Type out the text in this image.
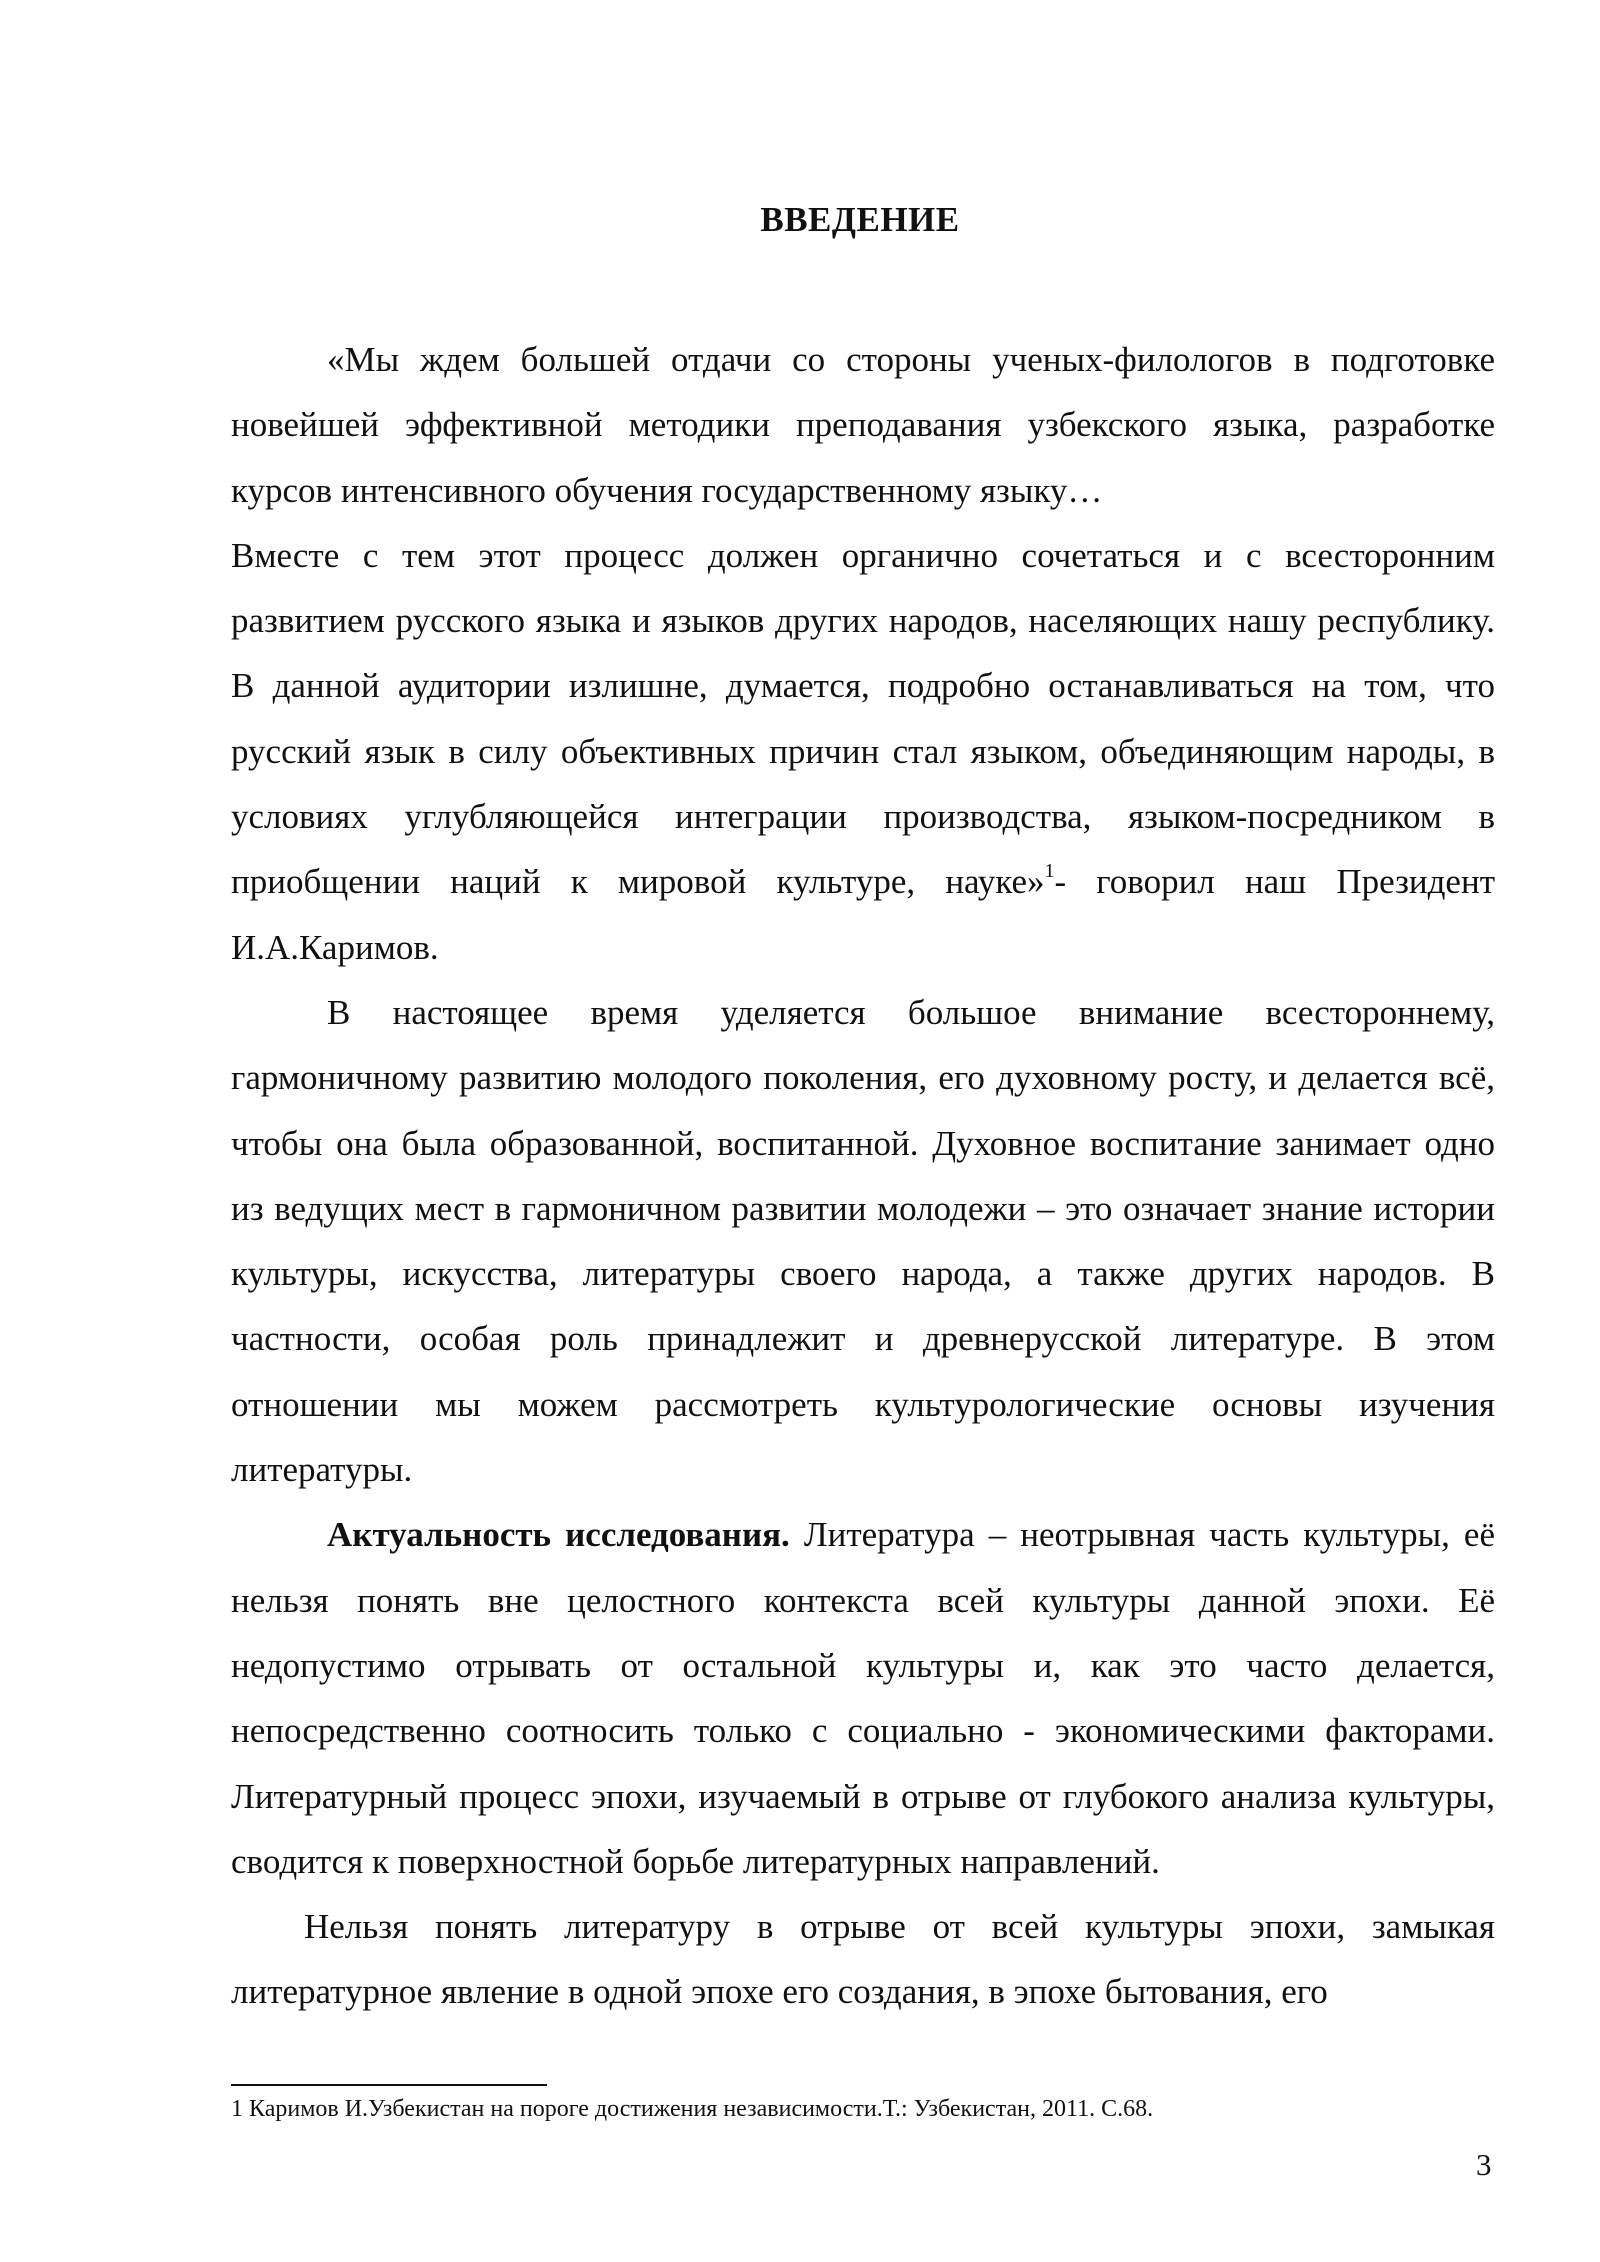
ВВЕДЕНИЕ

«Мы ждем большей отдачи со стороны ученых-филологов в подготовке новейшей эффективной методики преподавания узбекского языка, разработке курсов интенсивного обучения государственному языку…

Вместе с тем этот процесс должен органично сочетаться и с всесторонним развитием русского языка и языков других народов, населяющих нашу республику. В данной аудитории излишне, думается, подробно останавливаться на том, что русский язык в силу объективных причин стал языком, объединяющим народы, в условиях углубляющейся интеграции производства, языком-посредником в приобщении наций к мировой культуре, науке»$^1$- говорил наш Президент И.А.Каримов.

В настоящее время уделяется большое внимание всестороннему, гармоничному развитию молодого поколения, его духовному росту, и делается всё, чтобы она была образованной, воспитанной. Духовное воспитание занимает одно из ведущих мест в гармоничном развитии молодежи – это означает знание истории культуры, искусства, литературы своего народа, а также других народов. В частности, особая роль принадлежит и древнерусской литературе. В этом отношении мы можем рассмотреть культурологические основы изучения литературы.

Актуальность исследования. Литература – неотрывная часть культуры, её нельзя понять вне целостного контекста всей культуры данной эпохи. Её недопустимо отрывать от остальной культуры и, как это часто делается, непосредственно соотносить только с социально - экономическими факторами. Литературный процесс эпохи, изучаемый в отрыве от глубокого анализа культуры, сводится к поверхностной борьбе литературных направлений.

Нельзя понять литературу в отрыве от всей культуры эпохи, замыкая литературное явление в одной эпохе его создания, в эпохе бытования, его

1 Каримов И.Узбекистан на пороге достижения независимости.Т.: Узбекистан, 2011. С.68.
3
